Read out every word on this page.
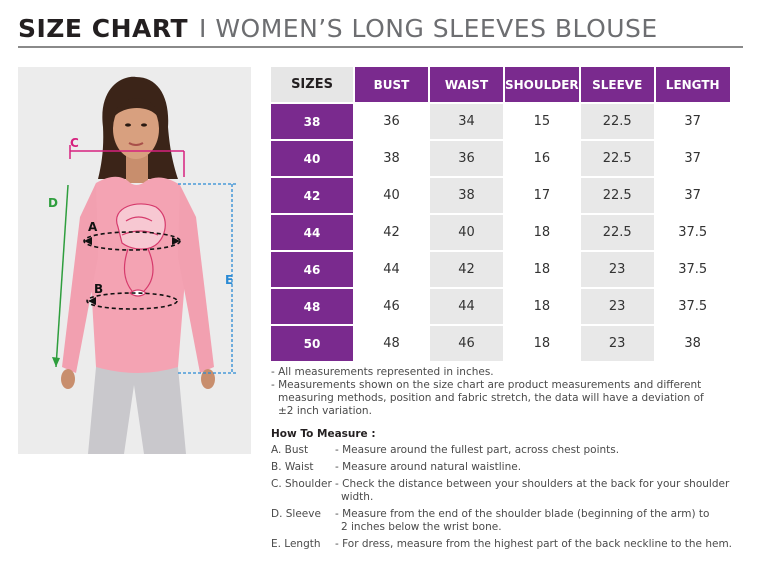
SIZE CHART I WOMEN’S LONG SLEEVES BLOUSE
C
D
A
B
E
SIZES	BUST	WAIST	SHOULDER	SLEEVE	LENGTH
38	36	34	15	22.5	37
40	38	36	16	22.5	37
42	40	38	17	22.5	37
44	42	40	18	22.5	37.5
46	44	42	18	23	37.5
48	46	44	18	23	37.5
50	48	46	18	23	38
- All measurements represented in inches.
- Measurements shown on the size chart are product measurements and different
measuring methods, position and fabric stretch, the data will have a deviation of
±2 inch variation.
How To Measure :
A. Bust	- Measure around the fullest part, across chest points.
B. Waist	- Measure around natural waistline.
C. Shoulder - Check the distance between your shoulders at the back for your shoulder
width.
D. Sleeve	- Measure from the end of the shoulder blade (beginning of the arm) to
2 inches below the wrist bone.
E. Length	- For dress, measure from the highest part of the back neckline to the hem.
